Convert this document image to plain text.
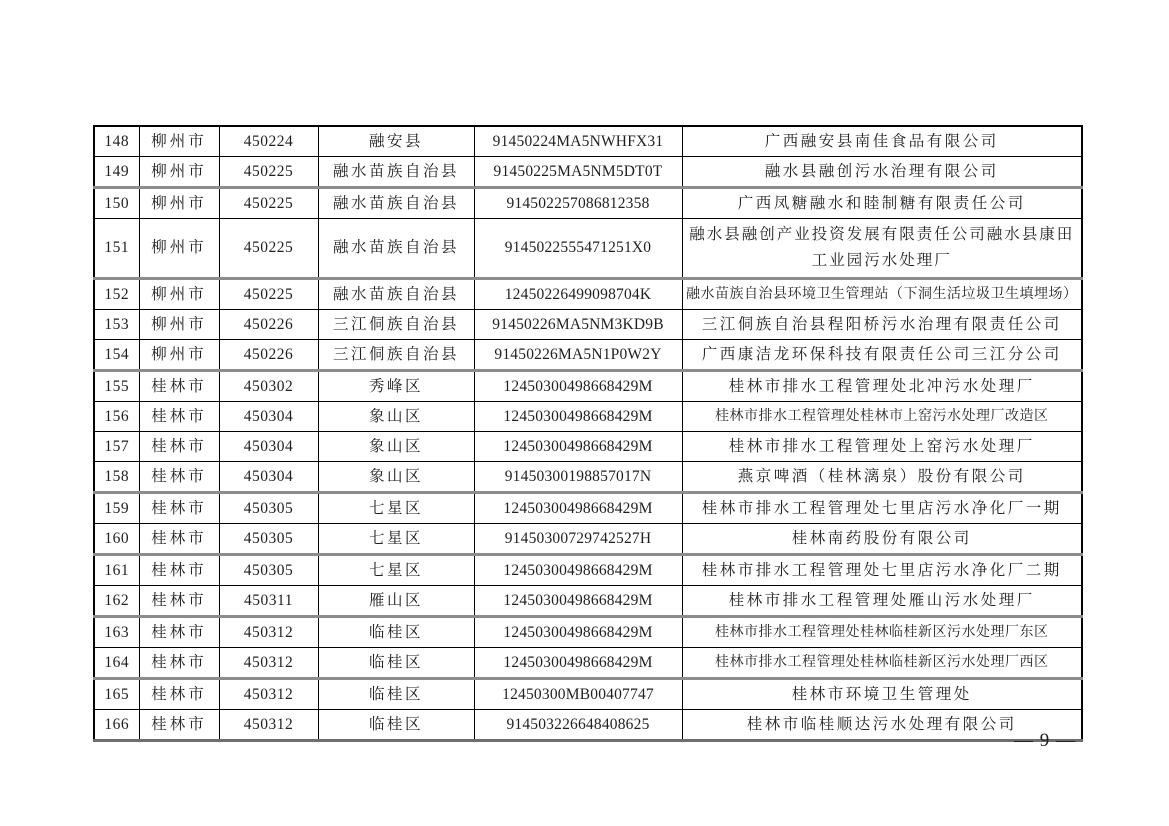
148	柳州市	450224	融安县	91450224MA5NWHFX31	广西融安县南佳食品有限公司
149	柳州市	450225	融水苗族自治县	91450225MA5NM5DT0T	融水县融创污水治理有限公司
150	柳州市	450225	融水苗族自治县	914502257086812358	广西凤糖融水和睦制糖有限责任公司
151	柳州市	450225	融水苗族自治县	9145022555471251X0	融水县融创产业投资发展有限责任公司融水县康田工业园污水处理厂
152	柳州市	450225	融水苗族自治县	12450226499098704K	融水苗族自治县环境卫生管理站（下洞生活垃圾卫生填埋场）
153	柳州市	450226	三江侗族自治县	91450226MA5NM3KD9B	三江侗族自治县程阳桥污水治理有限责任公司
154	柳州市	450226	三江侗族自治县	91450226MA5N1P0W2Y	广西康洁龙环保科技有限责任公司三江分公司
155	桂林市	450302	秀峰区	12450300498668429M	桂林市排水工程管理处北冲污水处理厂
156	桂林市	450304	象山区	12450300498668429M	桂林市排水工程管理处桂林市上窑污水处理厂改造区
157	桂林市	450304	象山区	12450300498668429M	桂林市排水工程管理处上窑污水处理厂
158	桂林市	450304	象山区	91450300198857017N	燕京啤酒（桂林漓泉）股份有限公司
159	桂林市	450305	七星区	12450300498668429M	桂林市排水工程管理处七里店污水净化厂一期
160	桂林市	450305	七星区	91450300729742527H	桂林南药股份有限公司
161	桂林市	450305	七星区	12450300498668429M	桂林市排水工程管理处七里店污水净化厂二期
162	桂林市	450311	雁山区	12450300498668429M	桂林市排水工程管理处雁山污水处理厂
163	桂林市	450312	临桂区	12450300498668429M	桂林市排水工程管理处桂林临桂新区污水处理厂东区
164	桂林市	450312	临桂区	12450300498668429M	桂林市排水工程管理处桂林临桂新区污水处理厂西区
165	桂林市	450312	临桂区	12450300MB00407747	桂林市环境卫生管理处
166	桂林市	450312	临桂区	914503226648408625	桂林市临桂顺达污水处理有限公司
— 9 —
